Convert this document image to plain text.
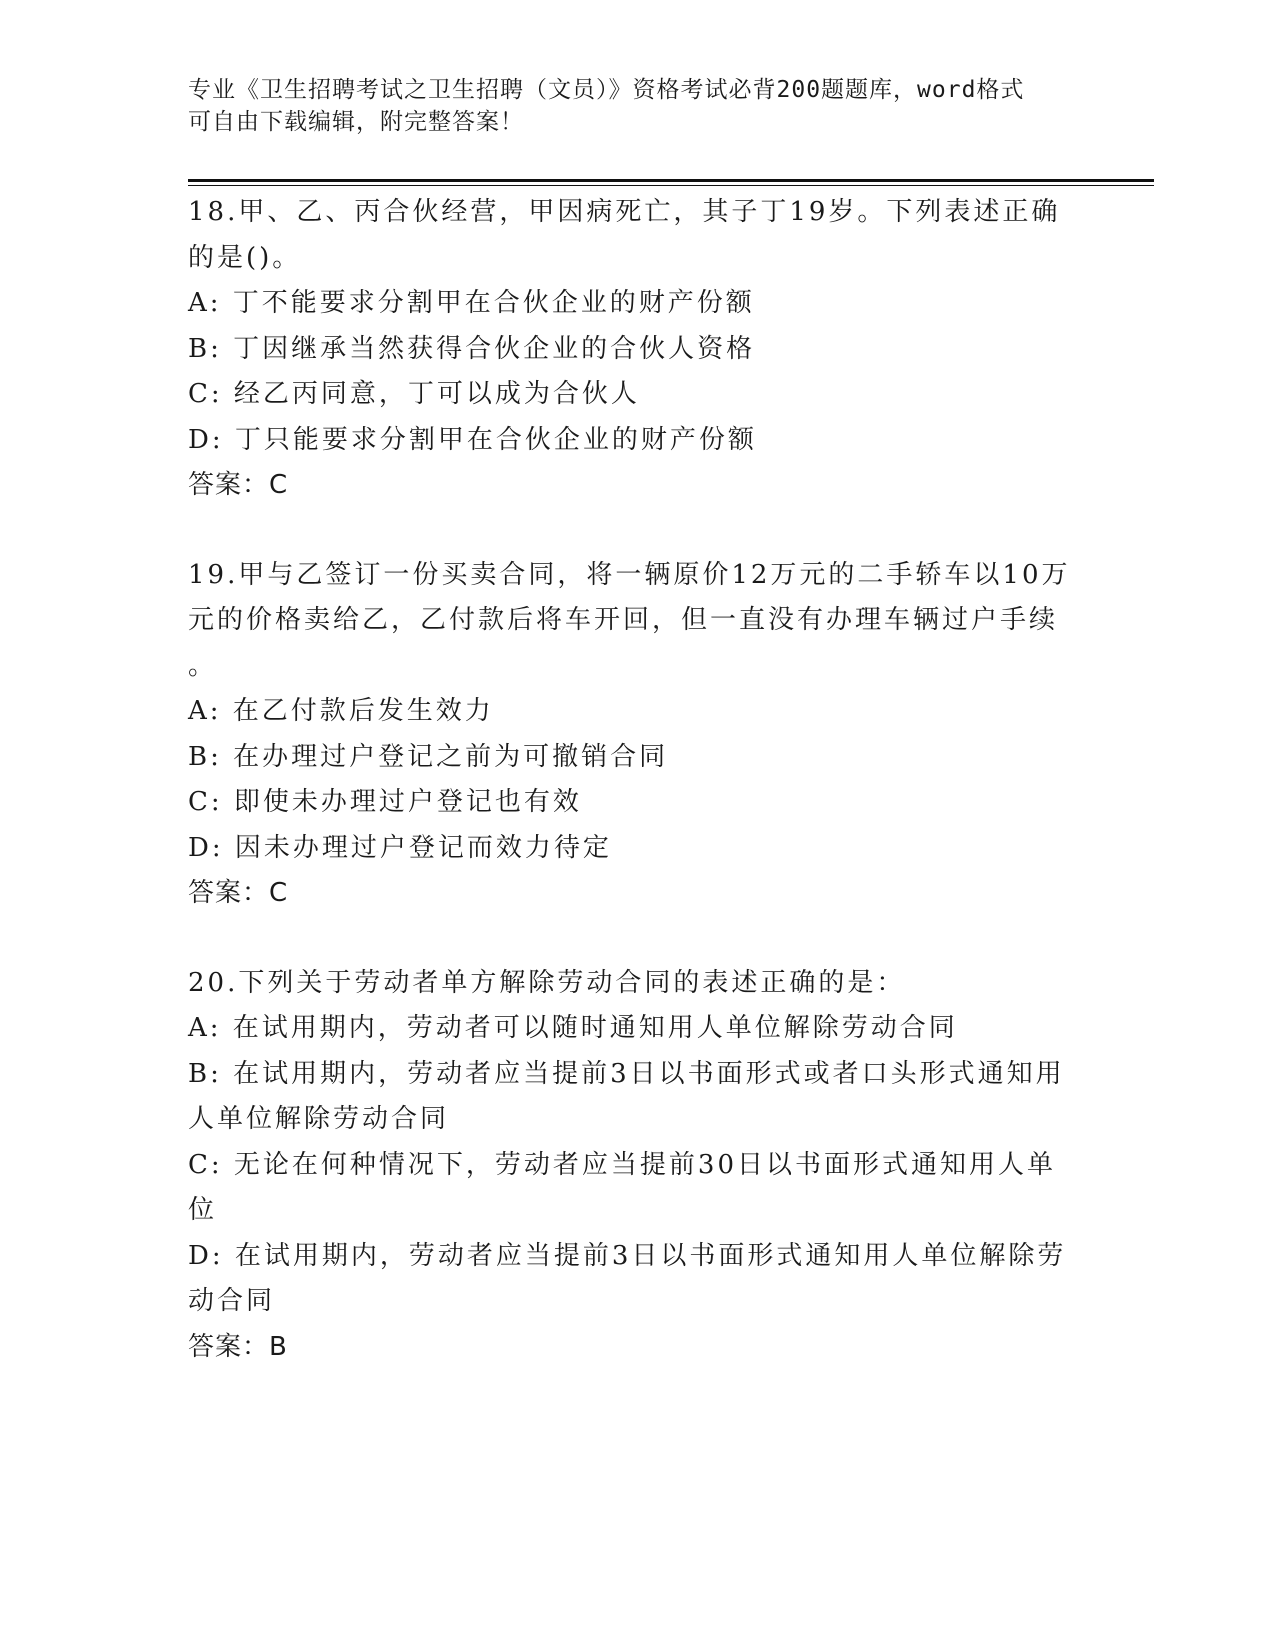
专业《卫生招聘考试之卫生招聘（文员）》资格考试必背200题题库，word格式
可自由下载编辑，附完整答案！
18.甲、乙、丙合伙经营，甲因病死亡，其子丁19岁。下列表述正确
的是()。
A: 丁不能要求分割甲在合伙企业的财产份额
B: 丁因继承当然获得合伙企业的合伙人资格
C: 经乙丙同意，丁可以成为合伙人
D: 丁只能要求分割甲在合伙企业的财产份额
答案：C
19.甲与乙签订一份买卖合同，将一辆原价12万元的二手轿车以10万
元的价格卖给乙，乙付款后将车开回，但一直没有办理车辆过户手续
。
A: 在乙付款后发生效力
B: 在办理过户登记之前为可撤销合同
C: 即使未办理过户登记也有效
D: 因未办理过户登记而效力待定
答案：C
20.下列关于劳动者单方解除劳动合同的表述正确的是：
A: 在试用期内，劳动者可以随时通知用人单位解除劳动合同
B: 在试用期内，劳动者应当提前3日以书面形式或者口头形式通知用
人单位解除劳动合同
C: 无论在何种情况下，劳动者应当提前30日以书面形式通知用人单
位
D: 在试用期内，劳动者应当提前3日以书面形式通知用人单位解除劳
动合同
答案：B
